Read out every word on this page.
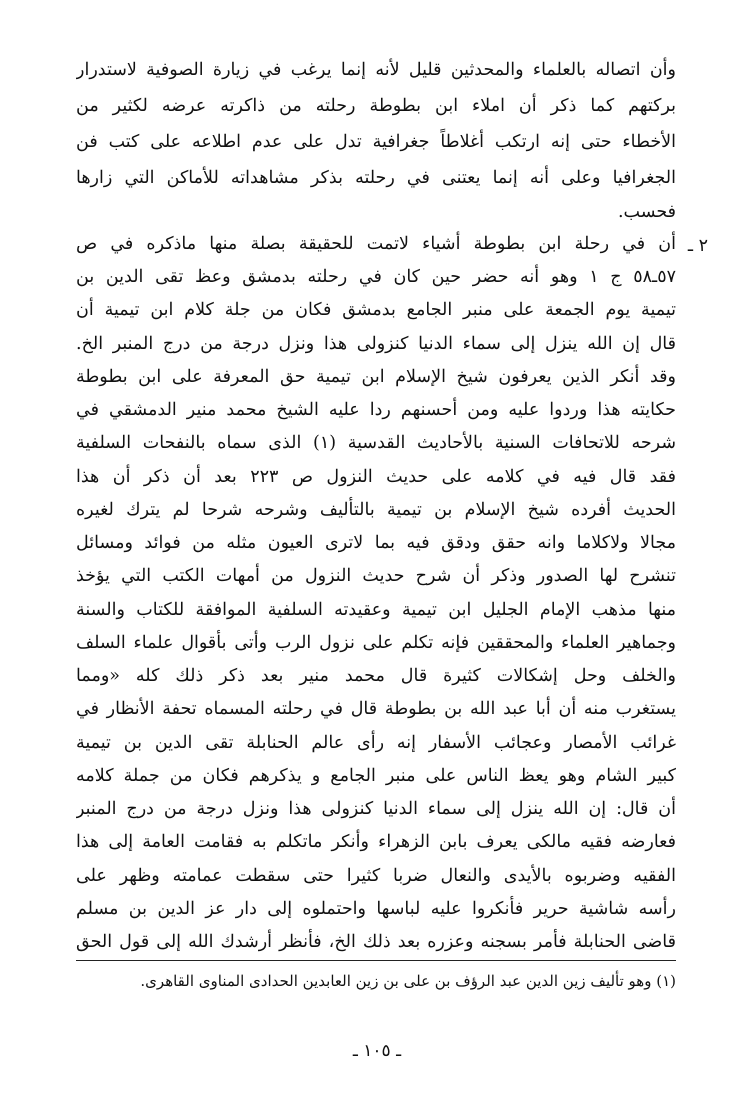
وأن اتصاله بالعلماء والمحدثين قليل لأنه إنما يرغب في زيارة الصوفية لاستدرار
بركتهم كما ذكر أن املاء ابن بطوطة رحلته من ذاكرته عرضه لكثير من
الأخطاء حتى إنه ارتكب أغلاطاً جغرافية تدل على عدم اطلاعه على كتب فن
الجغرافيا وعلى أنه إنما يعتنى في رحلته بذكر مشاهداته للأماكن التي زارها
فحسب.
٢ ـ
أن في رحلة ابن بطوطة أشياء لاتمت للحقيقة بصلة منها ماذكره في ص
٥٧ـ٥٨ ج ١ وهو أنه حضر حين كان في رحلته بدمشق وعظ تقى الدين بن
تيمية يوم الجمعة على منبر الجامع بدمشق فكان من جلة كلام ابن تيمية أن
قال إن الله ينزل إلى سماء الدنيا كنزولى هذا ونزل درجة من درج المنبر الخ.
وقد أنكر الذين يعرفون شيخ الإسلام ابن تيمية حق المعرفة على ابن بطوطة
حكايته هذا وردوا عليه ومن أحسنهم ردا عليه الشيخ محمد منير الدمشقي في
شرحه للاتحافات السنية بالأحاديث القدسية (١) الذى سماه بالنفحات السلفية
فقد قال فيه في كلامه على حديث النزول ص ٢٢٣ بعد أن ذكر أن هذا
الحديث أفرده شيخ الإسلام بن تيمية بالتأليف وشرحه شرحا لم يترك لغيره
مجالا ولاكلاما وانه حقق ودقق فيه بما لاترى العيون مثله من فوائد ومسائل
تنشرح لها الصدور وذكر أن شرح حديث النزول من أمهات الكتب التي يؤخذ
منها مذهب الإمام الجليل ابن تيمية وعقيدته السلفية الموافقة للكتاب والسنة
وجماهير العلماء والمحققين فإنه تكلم على نزول الرب وأتى بأقوال علماء السلف
والخلف وحل إشكالات كثيرة قال محمد منير بعد ذكر ذلك كله «ومما
يستغرب منه أن أبا عبد الله بن بطوطة قال في رحلته المسماه تحفة الأنظار في
غرائب الأمصار وعجائب الأسفار إنه رأى عالم الحنابلة تقى الدين بن تيمية
كبير الشام وهو يعظ الناس على منبر الجامع و يذكرهم فكان من جملة كلامه
أن قال: إن الله ينزل إلى سماء الدنيا كنزولى هذا ونزل درجة من درج المنبر
فعارضه فقيه مالكى يعرف بابن الزهراء وأنكر ماتكلم به فقامت العامة إلى هذا
الفقيه وضربوه بالأيدى والنعال ضربا كثيرا حتى سقطت عمامته وظهر على
رأسه شاشية حرير فأنكروا عليه لباسها واحتملوه إلى دار عز الدين بن مسلم
(١) وهو تأليف زين الدين عبد الرؤف بن على بن زين العابدين الحدادى المناوى القاهرى.
ـ ١٠٥ ـ
قاضى الحنابلة فأمر بسجنه وعزره بعد ذلك الخ، فأنظر أرشدك الله إلى قول الحق
